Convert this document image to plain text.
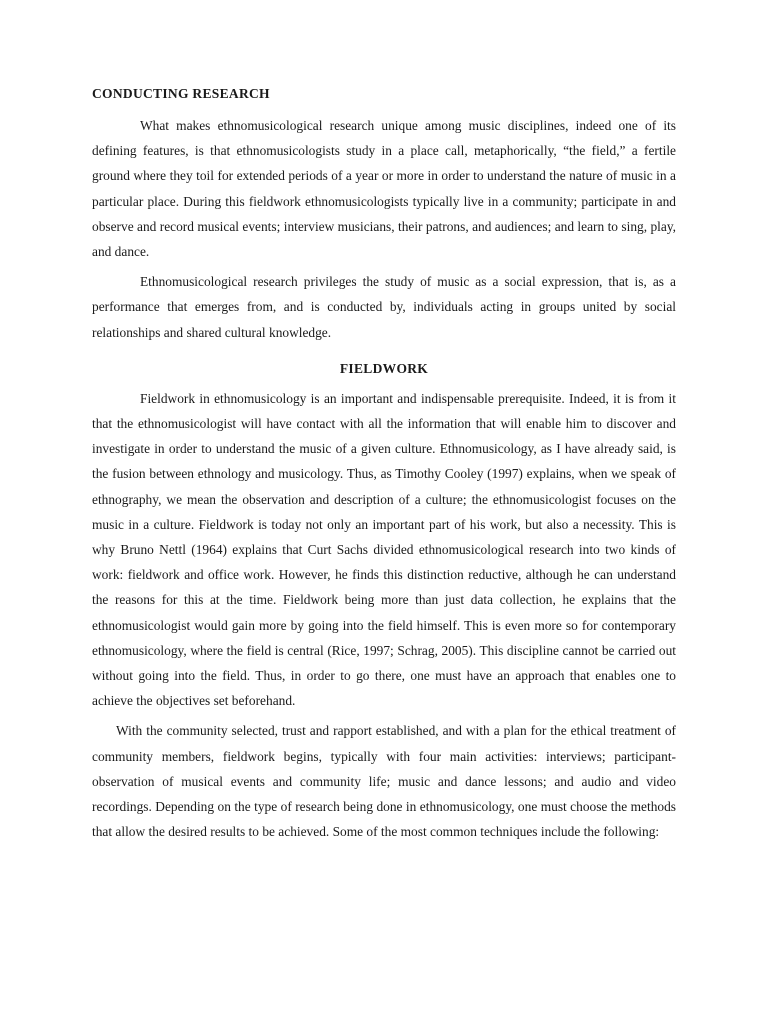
CONDUCTING RESEARCH

What makes ethnomusicological research unique among music disciplines, indeed one of its defining features, is that ethnomusicologists study in a place call, metaphorically, “the field,” a fertile ground where they toil for extended periods of a year or more in order to understand the nature of music in a particular place. During this fieldwork ethnomusicologists typically live in a community; participate in and observe and record musical events; interview musicians, their patrons, and audiences; and learn to sing, play, and dance.

Ethnomusicological research privileges the study of music as a social expression, that is, as a performance that emerges from, and is conducted by, individuals acting in groups united by social relationships and shared cultural knowledge.

FIELDWORK

Fieldwork in ethnomusicology is an important and indispensable prerequisite. Indeed, it is from it that the ethnomusicologist will have contact with all the information that will enable him to discover and investigate in order to understand the music of a given culture. Ethnomusicology, as I have already said, is the fusion between ethnology and musicology. Thus, as Timothy Cooley (1997) explains, when we speak of ethnography, we mean the observation and description of a culture; the ethnomusicologist focuses on the music in a culture. Fieldwork is today not only an important part of his work, but also a necessity. This is why Bruno Nettl (1964) explains that Curt Sachs divided ethnomusicological research into two kinds of work: fieldwork and office work. However, he finds this distinction reductive, although he can understand the reasons for this at the time. Fieldwork being more than just data collection, he explains that the ethnomusicologist would gain more by going into the field himself. This is even more so for contemporary ethnomusicology, where the field is central (Rice, 1997; Schrag, 2005). This discipline cannot be carried out without going into the field. Thus, in order to go there, one must have an approach that enables one to achieve the objectives set beforehand.

With the community selected, trust and rapport established, and with a plan for the ethical treatment of community members, fieldwork begins, typically with four main activities: interviews; participant-observation of musical events and community life; music and dance lessons; and audio and video recordings. Depending on the type of research being done in ethnomusicology, one must choose the methods that allow the desired results to be achieved. Some of the most common techniques include the following:
